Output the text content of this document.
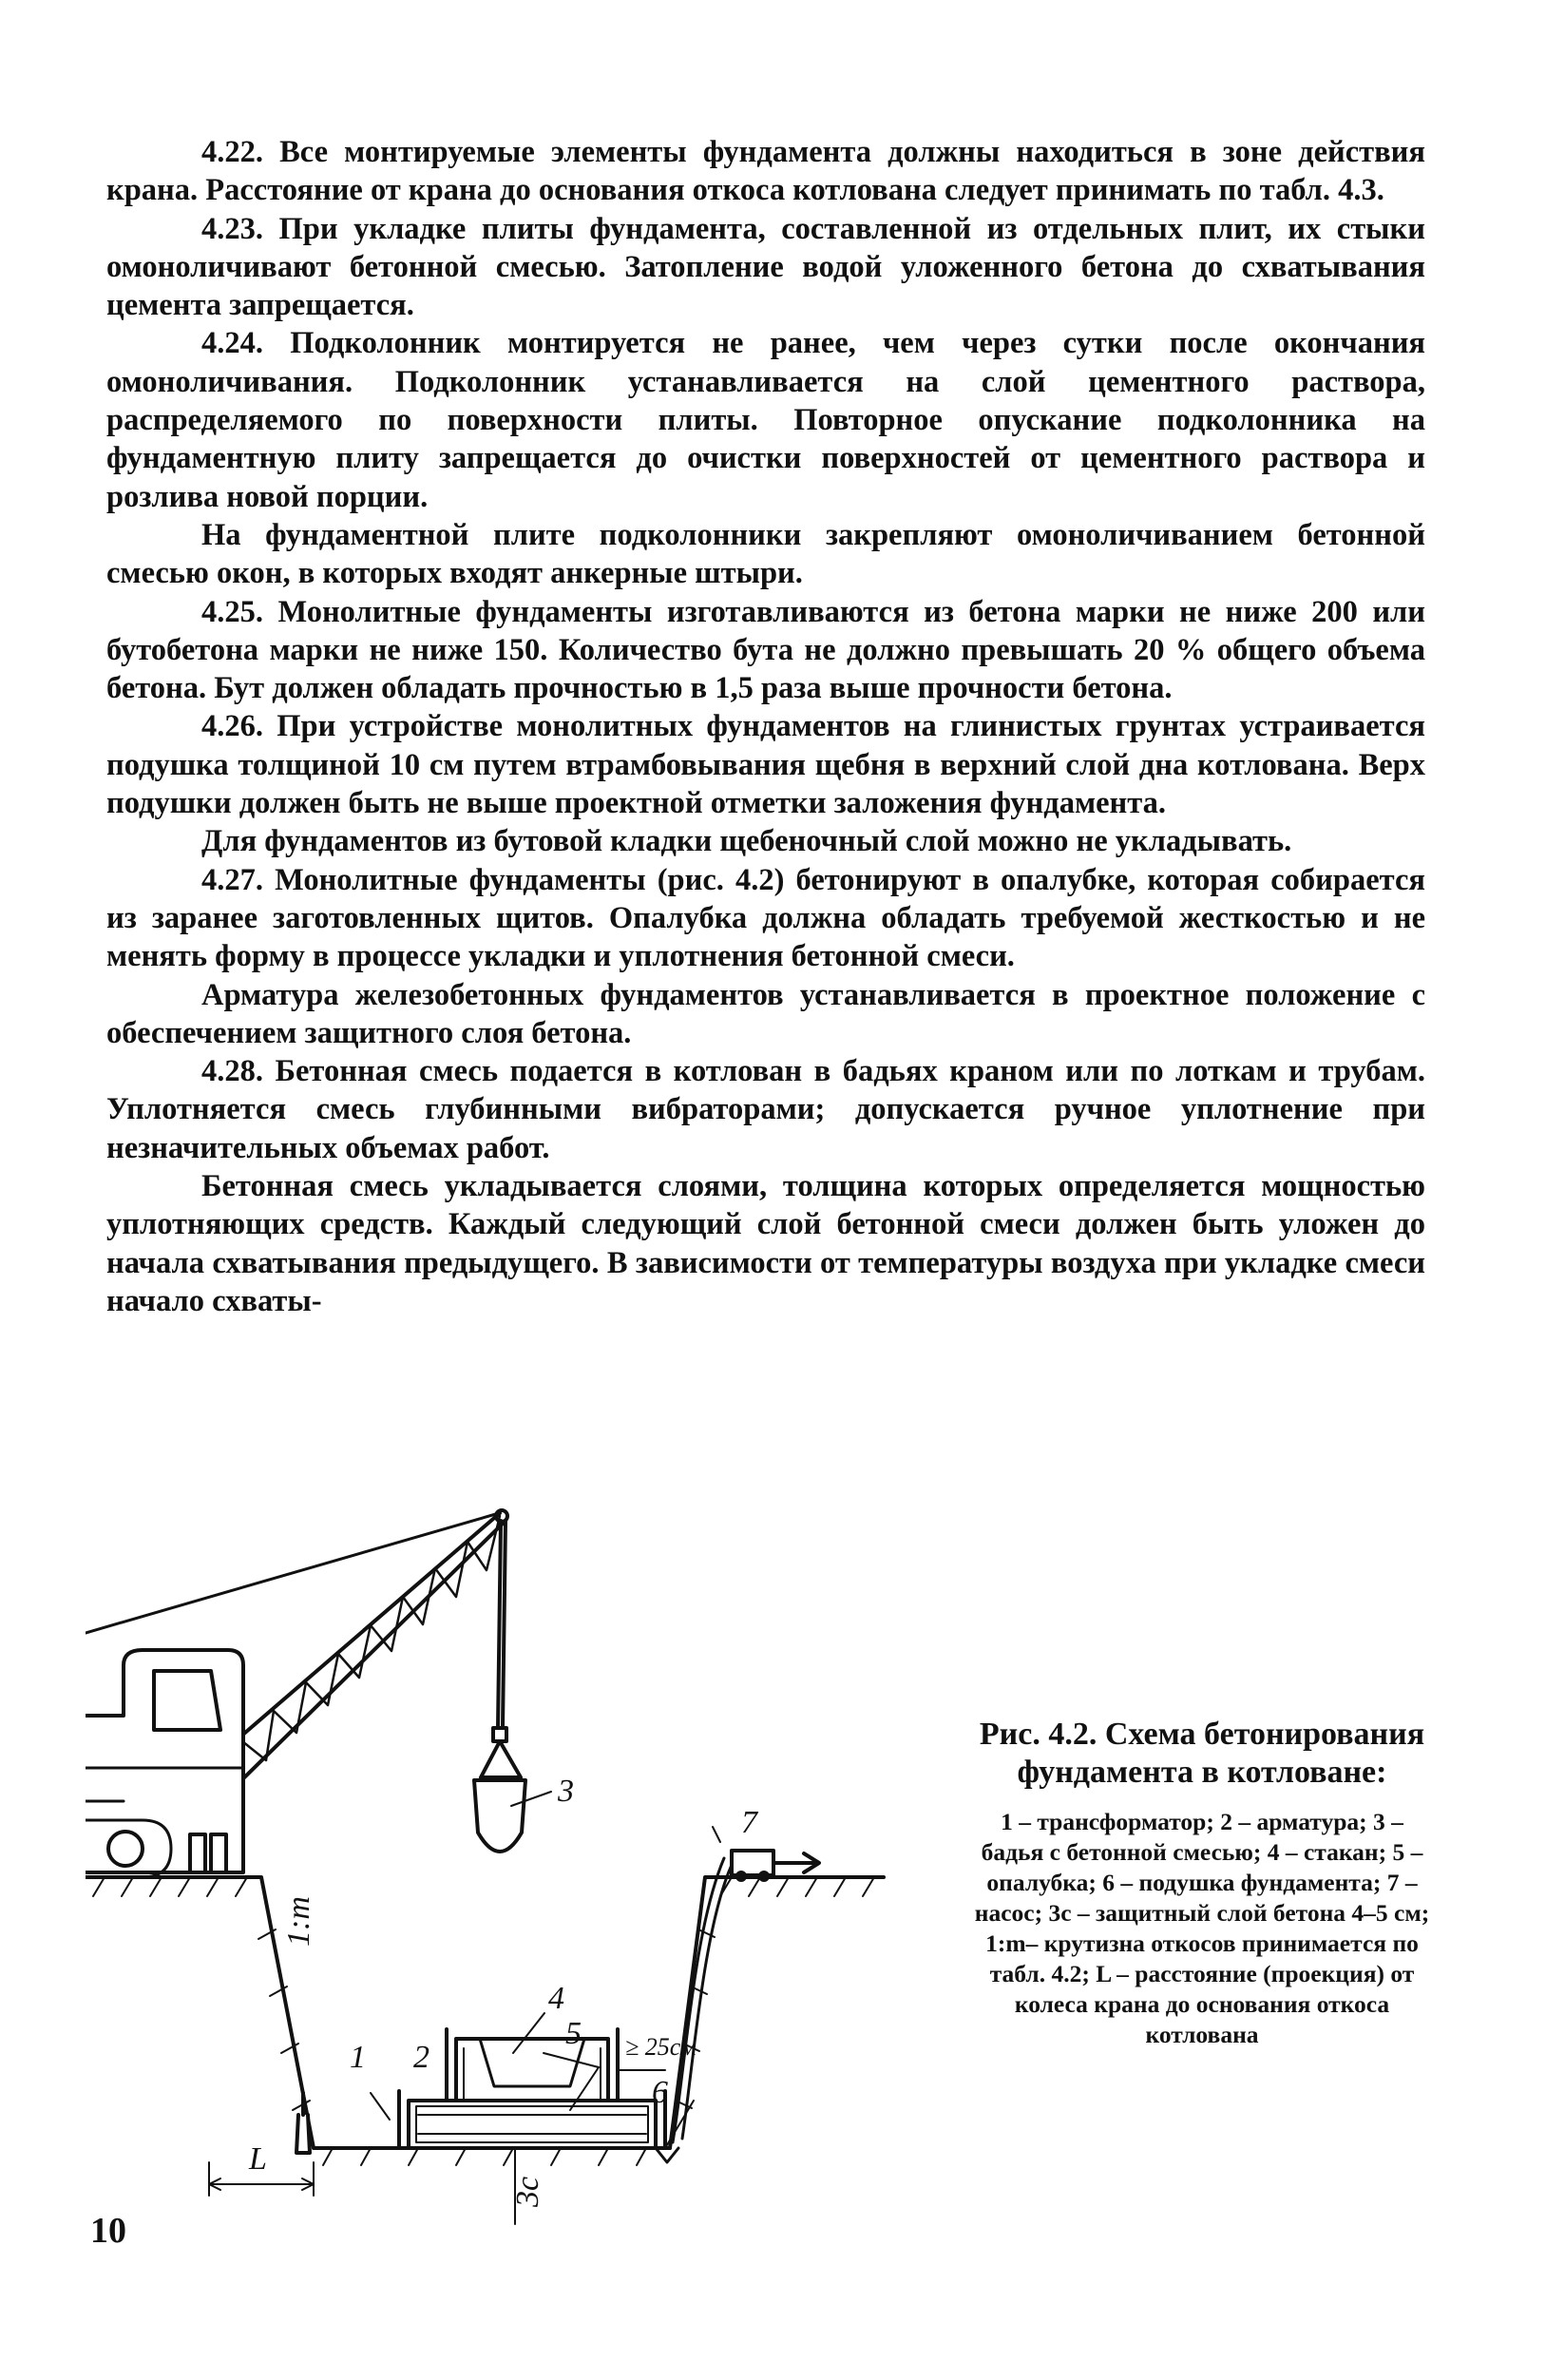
4.22. Все монтируемые элементы фундамента должны находиться в зоне действия крана. Расстояние от крана до основания откоса котлована следует принимать по табл. 4.3.

4.23. При укладке плиты фундамента, составленной из отдельных плит, их стыки омоноличивают бетонной смесью. Затопление водой уложенного бетона до схватывания цемента запрещается.

4.24. Подколонник монтируется не ранее, чем через сутки после окончания омоноличивания. Подколонник устанавливается на слой цементного раствора, распределяемого по поверхности плиты. Повторное опускание подколонника на фундаментную плиту запрещается до очистки поверхностей от цементного раствора и розлива новой порции.

На фундаментной плите подколонники закрепляют омоноличиванием бетонной смесью окон, в которых входят анкерные штыри.

4.25. Монолитные фундаменты изготавливаются из бетона марки не ниже 200 или бутобетона марки не ниже 150. Количество бута не должно превышать 20 % общего объема бетона. Бут должен обладать прочностью в 1,5 раза выше прочности бетона.

4.26. При устройстве монолитных фундаментов на глинистых грунтах устраивается подушка толщиной 10 см путем втрамбовывания щебня в верхний слой дна котлована. Верх подушки должен быть не выше проектной отметки заложения фундамента.

Для фундаментов из бутовой кладки щебеночный слой можно не укладывать.

4.27. Монолитные фундаменты (рис. 4.2) бетонируют в опалубке, которая собирается из заранее заготовленных щитов. Опалубка должна обладать требуемой жесткостью и не менять форму в процессе укладки и уплотнения бетонной смеси.

Арматура железобетонных фундаментов устанавливается в проектное положение с обеспечением защитного слоя бетона.

4.28. Бетонная смесь подается в котлован в бадьях краном или по лоткам и трубам. Уплотняется смесь глубинными вибраторами; допускается ручное уплотнение при незначительных объемах работ.

Бетонная смесь укладывается слоями, толщина которых определяется мощностью уплотняющих средств. Каждый следующий слой бетонной смеси должен быть уложен до начала схватывания предыдущего. В зависимости от температуры воздуха при укладке смеси начало схваты-

1 2
3
4
5
6
7
1:m
L
3c
≥ 25см
Рис. 4.2. Схема бетонирования фундамента в котловане:
1 – трансформатор; 2 – арматура; 3 – бадья с бетонной смесью; 4 – стакан; 5 – опалубка; 6 – подушка фундамента; 7 – насос; 3с – защитный слой бетона 4–5 см; 1:m– крутизна откосов принимается по табл. 4.2; L – расстояние (проекция) от колеса крана до основания откоса котлована
10
